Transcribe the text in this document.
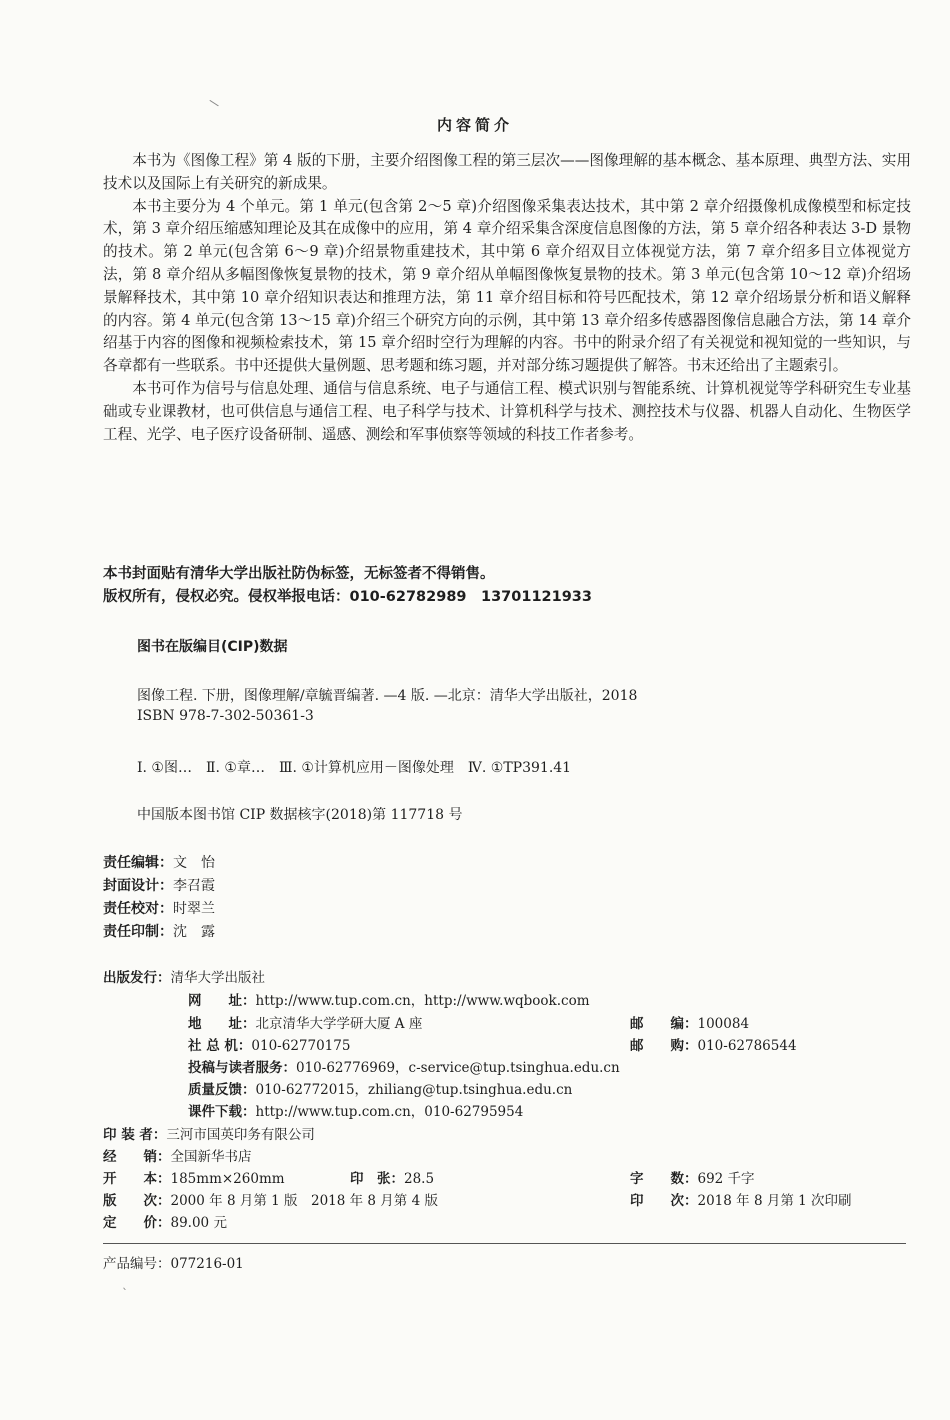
内容简介

本书为《图像工程》第 4 版的下册，主要介绍图像工程的第三层次——图像理解的基本概念、基本原理、典型方法、实用技术以及国际上有关研究的新成果。

本书主要分为 4 个单元。第 1 单元(包含第 2～5 章)介绍图像采集表达技术，其中第 2 章介绍摄像机成像模型和标定技术，第 3 章介绍压缩感知理论及其在成像中的应用，第 4 章介绍采集含深度信息图像的方法，第 5 章介绍各种表达 3-D 景物的技术。第 2 单元(包含第 6～9 章)介绍景物重建技术，其中第 6 章介绍双目立体视觉方法，第 7 章介绍多目立体视觉方法，第 8 章介绍从多幅图像恢复景物的技术，第 9 章介绍从单幅图像恢复景物的技术。第 3 单元(包含第 10～12 章)介绍场景解释技术，其中第 10 章介绍知识表达和推理方法，第 11 章介绍目标和符号匹配技术，第 12 章介绍场景分析和语义解释的内容。第 4 单元(包含第 13～15 章)介绍三个研究方向的示例，其中第 13 章介绍多传感器图像信息融合方法，第 14 章介绍基于内容的图像和视频检索技术，第 15 章介绍时空行为理解的内容。书中的附录介绍了有关视觉和视知觉的一些知识，与各章都有一些联系。书中还提供大量例题、思考题和练习题，并对部分练习题提供了解答。书末还给出了主题索引。

本书可作为信号与信息处理、通信与信息系统、电子与通信工程、模式识别与智能系统、计算机视觉等学科研究生专业基础或专业课教材，也可供信息与通信工程、电子科学与技术、计算机科学与技术、测控技术与仪器、机器人自动化、生物医学工程、光学、电子医疗设备研制、遥感、测绘和军事侦察等领域的科技工作者参考。

本书封面贴有清华大学出版社防伪标签，无标签者不得销售。
版权所有，侵权必究。侵权举报电话：010-62782989　13701121933
图书在版编目(CIP)数据
图像工程. 下册，图像理解/章毓晋编著. —4 版. —北京：清华大学出版社，2018
ISBN 978-7-302-50361-3
Ⅰ. ①图…　Ⅱ. ①章…　Ⅲ. ①计算机应用－图像处理　Ⅳ. ①TP391.41
中国版本图书馆 CIP 数据核字(2018)第 117718 号
责任编辑：文　怡
封面设计：李召霞
责任校对：时翠兰
责任印制：沈　露
出版发行：清华大学出版社
网　　址：http://www.tup.com.cn，http://www.wqbook.com
地　　址：北京清华大学学研大厦 A 座	邮　　编：100084
社 总 机：010-62770175	邮　　购：010-62786544
投稿与读者服务：010-62776969，c-service@tup.tsinghua.edu.cn
质量反馈：010-62772015，zhiliang@tup.tsinghua.edu.cn
课件下载：http://www.tup.com.cn，010-62795954
印 装 者：三河市国英印务有限公司
经　　销：全国新华书店
开　　本：185mm×260mm	印　张：28.5	字　　数：692 千字
版　　次：2000 年 8 月第 1 版　2018 年 8 月第 4 版	印　　次：2018 年 8 月第 1 次印刷
定　　价：89.00 元
产品编号：077216-01
\
ˎ
